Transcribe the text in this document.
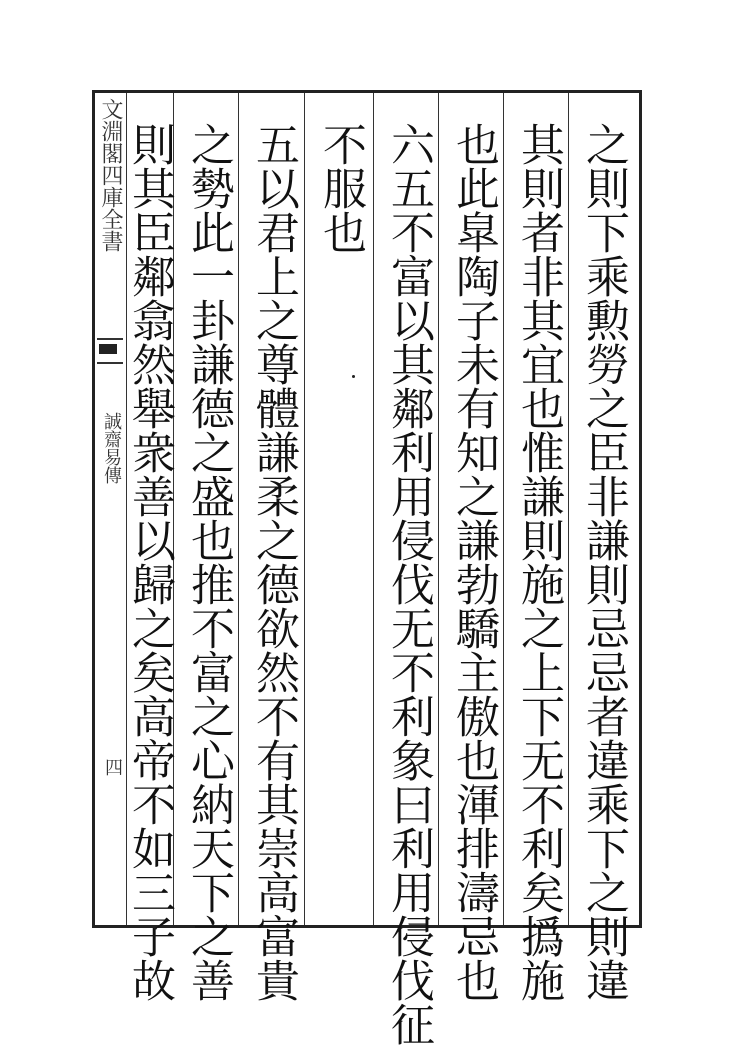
文淵閣四庫全書
誠齋易傳
四	之則下乘勲勞之臣非謙則忌忌者違乘下之則違
其則者非其宜也惟謙則施之上下无不利矣撝施
也此皐陶子未有知之謙勃驕主傲也渾排濤忌也
六五不富以其鄰利用侵伐无不利象曰利用侵伐征
不服也
五以君上之尊體謙柔之德欲然不有其崇高富貴
之勢此一卦謙德之盛也推不富之心納天下之善
則其臣鄰翕然舉衆善以歸之矣高帝不如三子故
